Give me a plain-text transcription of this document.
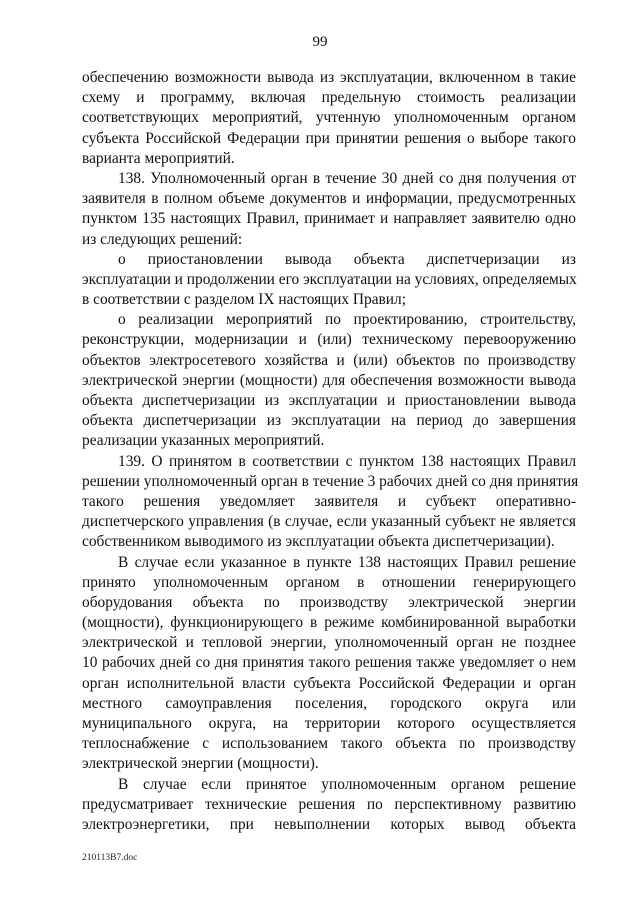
99
обеспечению возможности вывода из эксплуатации, включенном в такие
схему и программу, включая предельную стоимость реализации
соответствующих мероприятий, учтенную уполномоченным органом
субъекта Российской Федерации при принятии решения о выборе такого
варианта мероприятий.
138. Уполномоченный орган в течение 30 дней со дня получения от
заявителя в полном объеме документов и информации, предусмотренных
пунктом 135 настоящих Правил, принимает и направляет заявителю одно
из следующих решений:
о приостановлении вывода объекта диспетчеризации из
эксплуатации и продолжении его эксплуатации на условиях, определяемых
в соответствии с разделом IX настоящих Правил;
о реализации мероприятий по проектированию, строительству,
реконструкции, модернизации и (или) техническому перевооружению
объектов электросетевого хозяйства и (или) объектов по производству
электрической энергии (мощности) для обеспечения возможности вывода
объекта диспетчеризации из эксплуатации и приостановлении вывода
объекта диспетчеризации из эксплуатации на период до завершения
реализации указанных мероприятий.
139. О принятом в соответствии с пунктом 138 настоящих Правил
решении уполномоченный орган в течение 3 рабочих дней со дня принятия
такого решения уведомляет заявителя и субъект оперативно-
диспетчерского управления (в случае, если указанный субъект не является
собственником выводимого из эксплуатации объекта диспетчеризации).
В случае если указанное в пункте 138 настоящих Правил решение
принято уполномоченным органом в отношении генерирующего
оборудования объекта по производству электрической энергии
(мощности), функционирующего в режиме комбинированной выработки
электрической и тепловой энергии, уполномоченный орган не позднее
10 рабочих дней со дня принятия такого решения также уведомляет о нем
орган исполнительной власти субъекта Российской Федерации и орган
местного самоуправления поселения, городского округа или
муниципального округа, на территории которого осуществляется
теплоснабжение с использованием такого объекта по производству
электрической энергии (мощности).
В случае если принятое уполномоченным органом решение
предусматривает технические решения по перспективному развитию
электроэнергетики, при невыполнении которых вывод объекта
210113B7.doc
